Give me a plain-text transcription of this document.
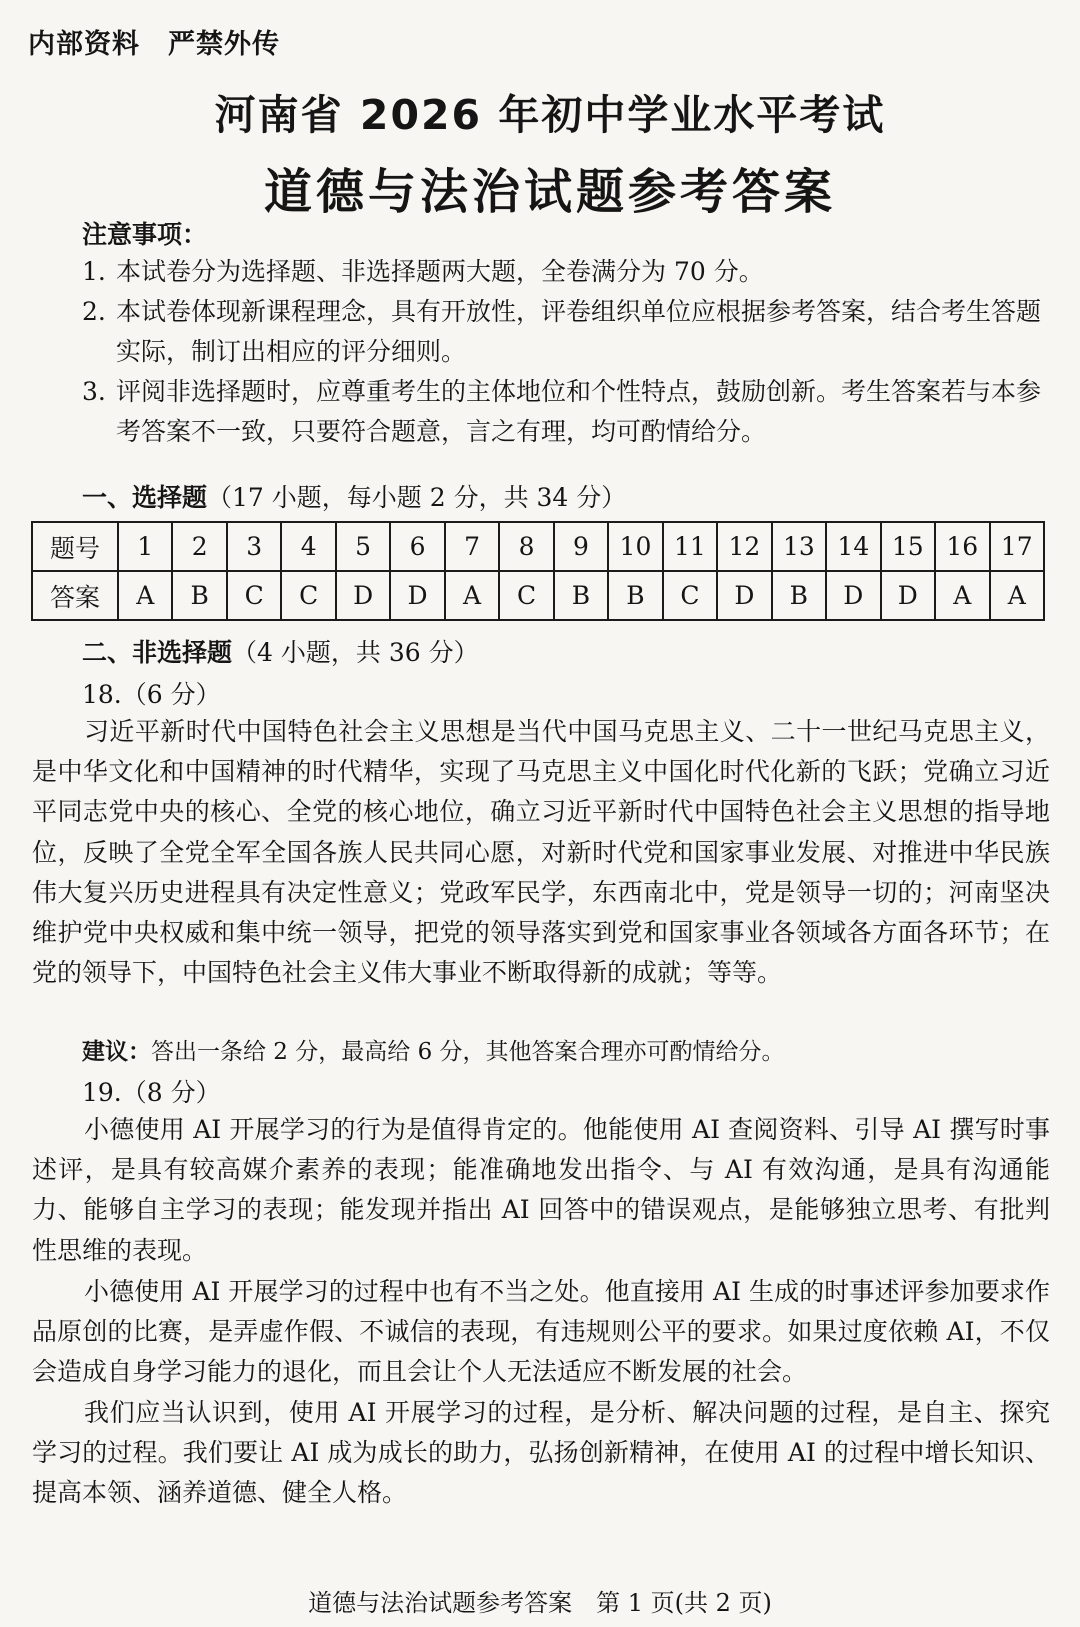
内部资料　严禁外传
河南省 2026 年初中学业水平考试
道德与法治试题参考答案
注意事项：
1. 本试卷分为选择题、非选择题两大题，全卷满分为 70 分。
2. 本试卷体现新课程理念，具有开放性，评卷组织单位应根据参考答案，结合考生答题实际，制订出相应的评分细则。
3. 评阅非选择题时，应尊重考生的主体地位和个性特点，鼓励创新。考生答案若与本参考答案不一致，只要符合题意，言之有理，均可酌情给分。
一、选择题（17 小题，每小题 2 分，共 34 分）
题号	1	2	3	4	5	6	7	8	9	10	11	12	13	14	15	16	17
答案	A	B	C	C	D	D	A	C	B	B	C	D	B	D	D	A	A
二、非选择题（4 小题，共 36 分）
18.（6 分）
习近平新时代中国特色社会主义思想是当代中国马克思主义、二十一世纪马克思主义，是中华文化和中国精神的时代精华，实现了马克思主义中国化时代化新的飞跃；党确立习近平同志党中央的核心、全党的核心地位，确立习近平新时代中国特色社会主义思想的指导地位，反映了全党全军全国各族人民共同心愿，对新时代党和国家事业发展、对推进中华民族伟大复兴历史进程具有决定性意义；党政军民学，东西南北中，党是领导一切的；河南坚决维护党中央权威和集中统一领导，把党的领导落实到党和国家事业各领域各方面各环节；在党的领导下，中国特色社会主义伟大事业不断取得新的成就；等等。
建议：答出一条给 2 分，最高给 6 分，其他答案合理亦可酌情给分。
19.（8 分）
小德使用 AI 开展学习的行为是值得肯定的。他能使用 AI 查阅资料、引导 AI 撰写时事述评，是具有较高媒介素养的表现；能准确地发出指令、与 AI 有效沟通，是具有沟通能力、能够自主学习的表现；能发现并指出 AI 回答中的错误观点，是能够独立思考、有批判性思维的表现。
小德使用 AI 开展学习的过程中也有不当之处。他直接用 AI 生成的时事述评参加要求作品原创的比赛，是弄虚作假、不诚信的表现，有违规则公平的要求。如果过度依赖 AI，不仅会造成自身学习能力的退化，而且会让个人无法适应不断发展的社会。
我们应当认识到，使用 AI 开展学习的过程，是分析、解决问题的过程，是自主、探究学习的过程。我们要让 AI 成为成长的助力，弘扬创新精神，在使用 AI 的过程中增长知识、提高本领、涵养道德、健全人格。
道德与法治试题参考答案　第 1 页(共 2 页)
